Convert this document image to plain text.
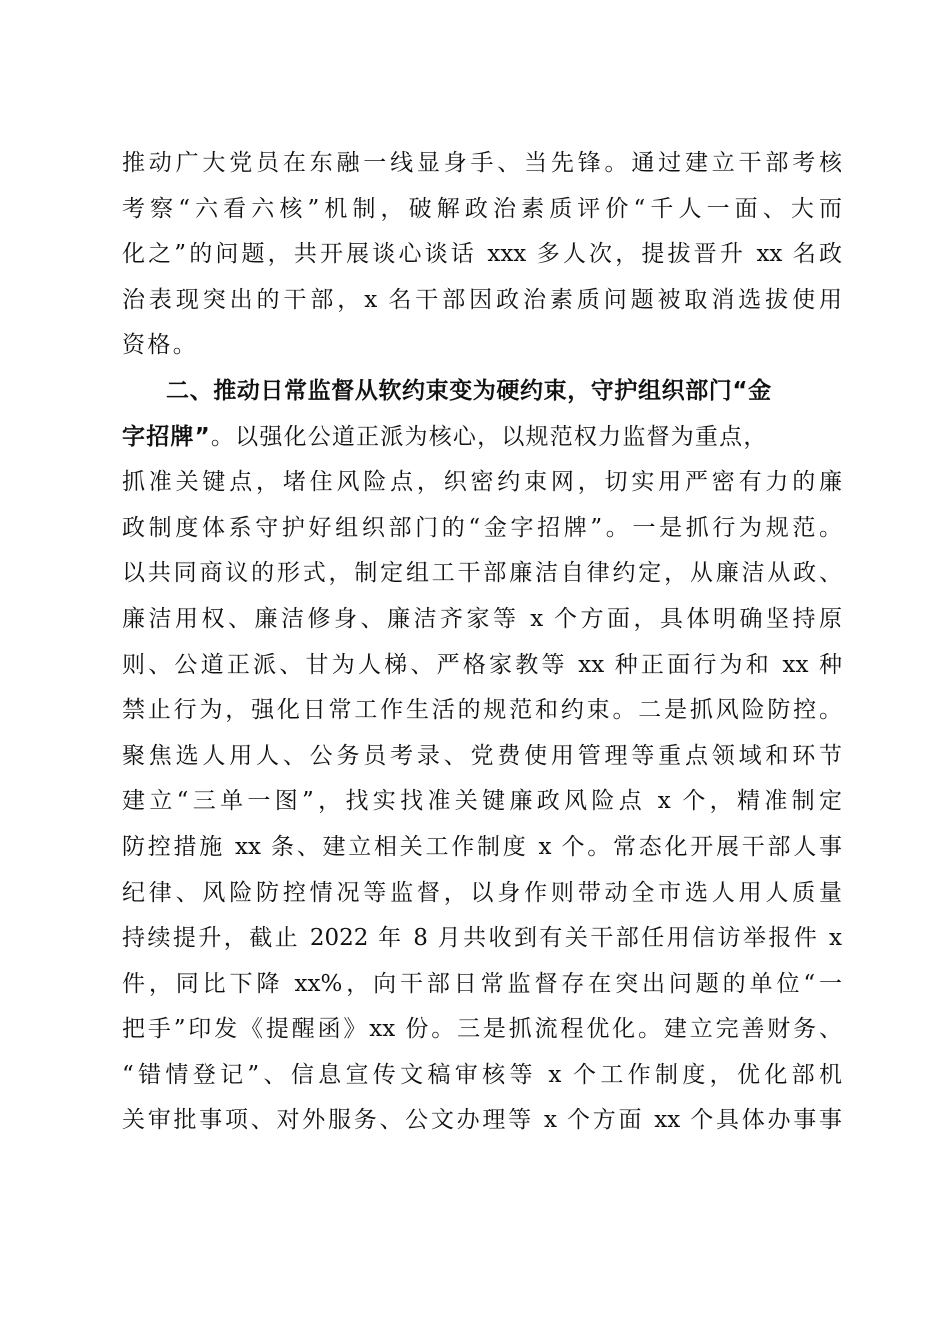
推动广大党员在东融一线显身手、当先锋。通过建立干部考核
考察“六看六核”机制，破解政治素质评价“千人一面、大而
化之”的问题，共开展谈心谈话 xxx 多人次，提拔晋升 xx 名政
治表现突出的干部，x 名干部因政治素质问题被取消选拔使用
资格。
二、推动日常监督从软约束变为硬约束，守护组织部门“金
字招牌”。以强化公道正派为核心，以规范权力监督为重点，
抓准关键点，堵住风险点，织密约束网，切实用严密有力的廉
政制度体系守护好组织部门的“金字招牌”。一是抓行为规范。
以共同商议的形式，制定组工干部廉洁自律约定，从廉洁从政、
廉洁用权、廉洁修身、廉洁齐家等 x 个方面，具体明确坚持原
则、公道正派、甘为人梯、严格家教等 xx 种正面行为和 xx 种
禁止行为，强化日常工作生活的规范和约束。二是抓风险防控。
聚焦选人用人、公务员考录、党费使用管理等重点领域和环节
建立“三单一图”，找实找准关键廉政风险点 x 个，精准制定
防控措施 xx 条、建立相关工作制度 x 个。常态化开展干部人事
纪律、风险防控情况等监督，以身作则带动全市选人用人质量
持续提升，截止 2022 年 8 月共收到有关干部任用信访举报件 x
件，同比下降 xx%，向干部日常监督存在突出问题的单位“一
把手”印发《提醒函》xx 份。三是抓流程优化。建立完善财务、
“错情登记”、信息宣传文稿审核等 x 个工作制度，优化部机
关审批事项、对外服务、公文办理等 x 个方面 xx 个具体办事事
